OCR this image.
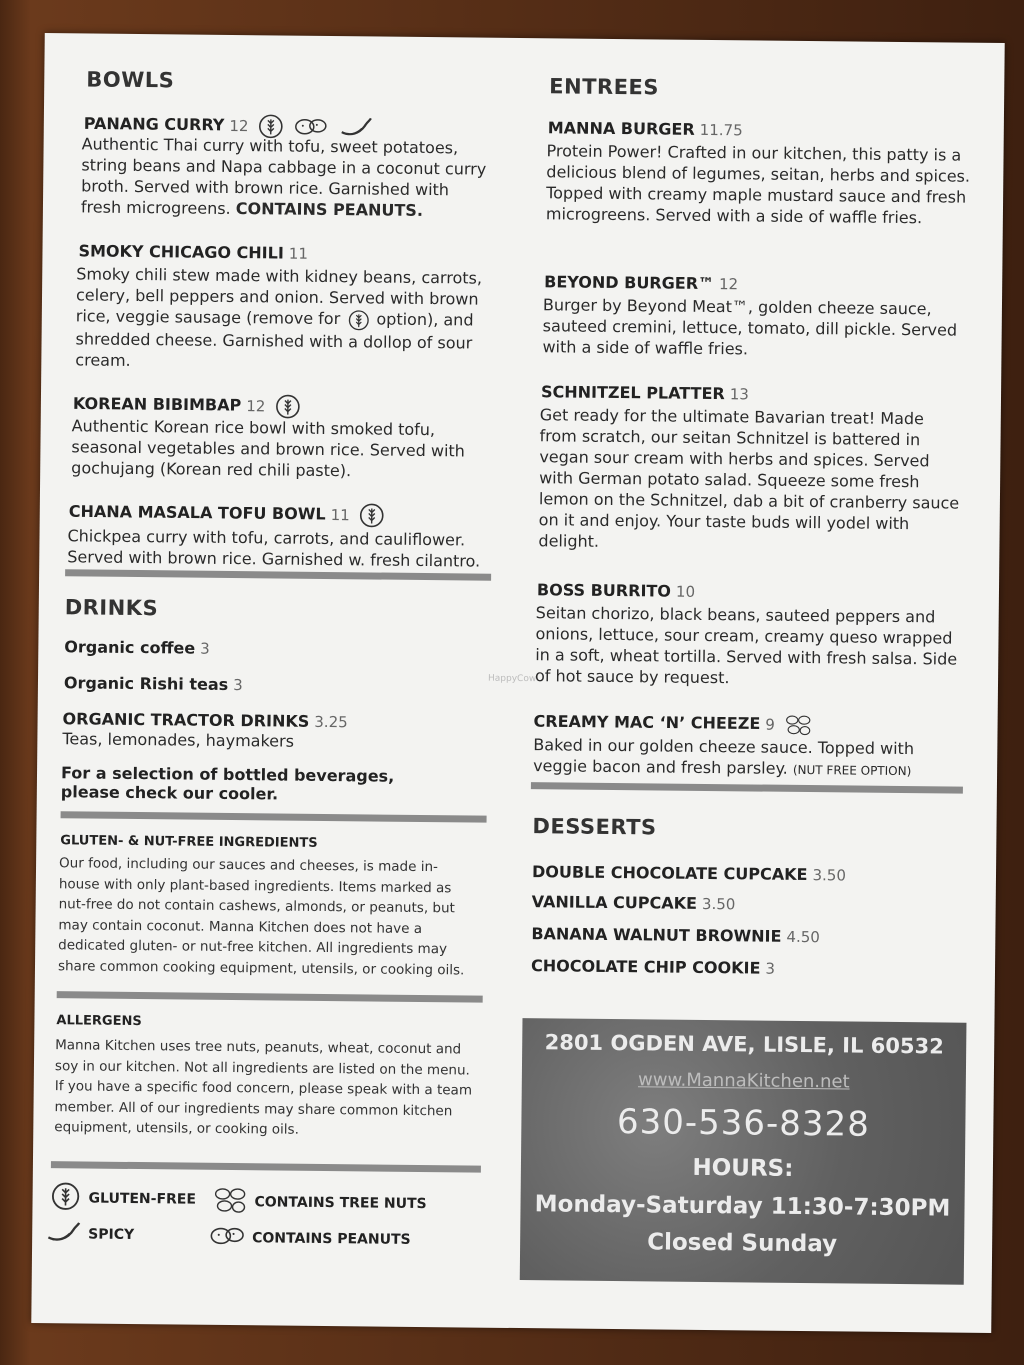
BOWLS
PANANG CURRY 12

Authentic Thai curry with tofu, sweet potatoes, string beans and Napa cabbage in a coconut curry broth. Served with brown rice. Garnished with fresh microgreens. CONTAINS PEANUTS.
SMOKY CHICAGO CHILI 11
Smoky chili stew made with kidney beans, carrots, celery, bell peppers and onion. Served with brown rice, veggie sausage (remove for option), and shredded cheese. Garnished with a dollop of sour cream.
KOREAN BIBIMBAP 12
Authentic Korean rice bowl with smoked tofu, seasonal vegetables and brown rice. Served with gochujang (Korean red chili paste).
CHANA MASALA TOFU BOWL 11
Chickpea curry with tofu, carrots, and cauliflower. Served with brown rice. Garnished w. fresh cilantro.
DRINKS
Organic coffee 3
Organic Rishi teas 3
ORGANIC TRACTOR DRINKS 3.25
Teas, lemonades, haymakers
For a selection of bottled beverages, please check our cooler.
GLUTEN- & NUT-FREE INGREDIENTS
Our food, including our sauces and cheeses, is made in-house with only plant-based ingredients. Items marked as nut-free do not contain cashews, almonds, or peanuts, but may contain coconut. Manna Kitchen does not have a dedicated gluten- or nut-free kitchen. All ingredients may share common cooking equipment, utensils, or cooking oils.
ALLERGENS
Manna Kitchen uses tree nuts, peanuts, wheat, coconut and soy in our kitchen. Not all ingredients are listed on the menu. If you have a specific food concern, please speak with a team member. All of our ingredients may share common kitchen equipment, utensils, or cooking oils.
GLUTEN-FREE	CONTAINS TREE NUTS
SPICY	CONTAINS PEANUTS
ENTREES
MANNA BURGER 11.75
Protein Power! Crafted in our kitchen, this patty is a delicious blend of legumes, seitan, herbs and spices. Topped with creamy maple mustard sauce and fresh microgreens. Served with a side of waffle fries.
BEYOND BURGER™ 12
Burger by Beyond Meat™, golden cheeze sauce, sauteed cremini, lettuce, tomato, dill pickle. Served with a side of waffle fries.
SCHNITZEL PLATTER 13
Get ready for the ultimate Bavarian treat! Made from scratch, our seitan Schnitzel is battered in vegan sour cream with herbs and spices. Served with German potato salad. Squeeze some fresh lemon on the Schnitzel, dab a bit of cranberry sauce on it and enjoy. Your taste buds will yodel with delight.
BOSS BURRITO 10
Seitan chorizo, black beans, sauteed peppers and onions, lettuce, sour cream, creamy queso wrapped in a soft, wheat tortilla. Served with fresh salsa. Side of hot sauce by request.
CREAMY MAC ‘N’ CHEEZE 9
Baked in our golden cheeze sauce. Topped with veggie bacon and fresh parsley. (NUT FREE OPTION)
DESSERTS
DOUBLE CHOCOLATE CUPCAKE 3.50
VANILLA CUPCAKE 3.50
BANANA WALNUT BROWNIE 4.50
CHOCOLATE CHIP COOKIE 3
2801 OGDEN AVE, LISLE, IL 60532
www.MannaKitchen.net
630-536-8328
HOURS:
Monday-Saturday 11:30-7:30PM
Closed Sunday
HappyCow
